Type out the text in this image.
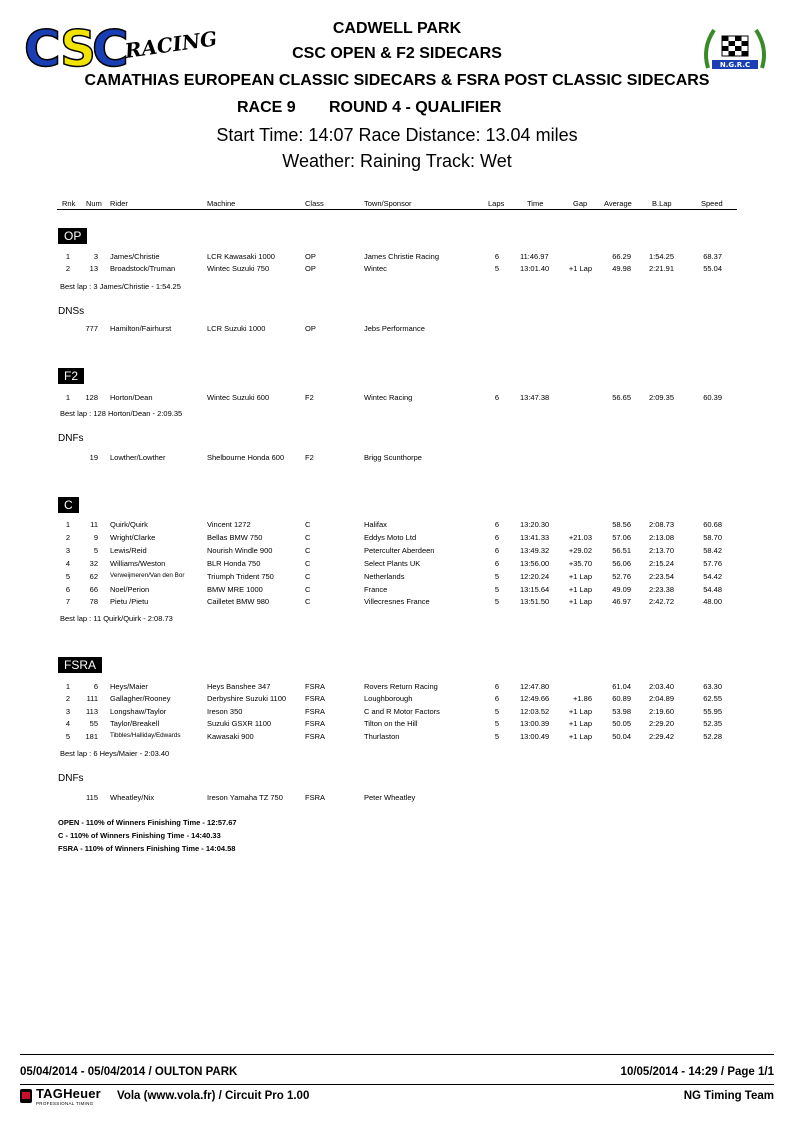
C S
C
RACING
N.G.R.C
CADWELL PARK
CSC OPEN & F2 SIDECARS
CAMATHIAS EUROPEAN CLASSIC SIDECARS & FSRA POST CLASSIC SIDECARS
RACE 9 ROUND 4 - QUALIFIER
Start Time: 14:07 Race Distance: 13.04 miles
Weather: Raining Track: Wet
Rnk Num Rider	Machine	Class	Town/Sponsor	Laps	Time	Gap Average	B.Lap	Speed
OP
1	3 James/Christie	LCR Kawasaki 1000	OP	James Christie Racing	6	11:46.97	66.29 1:54.25	68.37
2	13 Broadstock/Truman	Wintec Suzuki 750	OP	Wintec	5	13:01.40	+1 Lap	49.98 2:21.91	55.04
Best lap : 3 James/Christie - 1:54.25
DNSs
777 Hamilton/Fairhurst	LCR Suzuki 1000	OP	Jebs Performance
F2
1 128 Horton/Dean	Wintec Suzuki 600	F2	Wintec Racing	6	13:47.38	56.65 2:09.35	60.39
Best lap : 128 Horton/Dean - 2:09.35
DNFs
19 Lowther/Lowther	Shelbourne Honda 600	F2	Brigg Scunthorpe
C
1	11 Quirk/Quirk	Vincent 1272	C	Halifax	6	13:20.30	58.56 2:08.73	60.68
2	9 Wright/Clarke	Bellas BMW 750	C	Eddys Moto Ltd	6	13:41.33	+21.03	57.06 2:13.08	58.70
3	5 Lewis/Reid	Nourish Windle 900	C	Peterculter Aberdeen	6	13:49.32	+29.02	56.51 2:13.70	58.42
4	32 Williams/Weston	BLR Honda 750	C	Select Plants UK	6	13:56.00	+35.70	56.06 2:15.24	57.76
5	62 Verweijmeren/Van den Bor	Triumph Trident 750	C	Netherlands	5	12:20.24	+1 Lap	52.76 2:23.54	54.42
6	66 Noel/Perion	BMW MRE 1000	C	France	5	13:15.64	+1 Lap	49.09 2:23.38	54.48
7	78 Pietu /Pietu	Cailletet BMW 980	C	Villecresnes France	5	13:51.50	+1 Lap	46.97 2:42.72	48.00
Best lap : 11 Quirk/Quirk - 2:08.73
FSRA
1	6 Heys/Maier	Heys Banshee 347	FSRA	Rovers Return Racing	6	12:47.80	61.04 2:03.40	63.30
2 111 Gallagher/Rooney	Derbyshire Suzuki 1100	FSRA	Loughborough	6	12:49.66	+1.86	60.89 2:04.89	62.55
3 113 Longshaw/Taylor	Ireson 350	FSRA	C and R Motor Factors	5	12:03.52	+1 Lap	53.98 2:19.60	55.95
4	55 Taylor/Breakell	Suzuki GSXR 1100	FSRA	Tilton on the Hill	5	13:00.39	+1 Lap	50.05 2:29.20	52.35
5 181 Tibbles/Halliday/Edwards	Kawasaki 900	FSRA	Thurlaston	5	13:00.49	+1 Lap	50.04 2:29.42	52.28
Best lap : 6 Heys/Maier - 2:03.40
DNFs
115 Wheatley/Nix	Ireson Yamaha TZ 750	FSRA	Peter Wheatley
OPEN - 110% of Winners Finishing Time - 12:57.67
C - 110% of Winners Finishing Time - 14:40.33
FSRA - 110% of Winners Finishing Time - 14:04.58
05/04/2014 - 05/04/2014 / OULTON PARK	10/05/2014 - 14:29 / Page 1/1
TAGHeuer
PROFESSIONAL TIMING
Vola (www.vola.fr) / Circuit Pro 1.00	NG Timing Team
